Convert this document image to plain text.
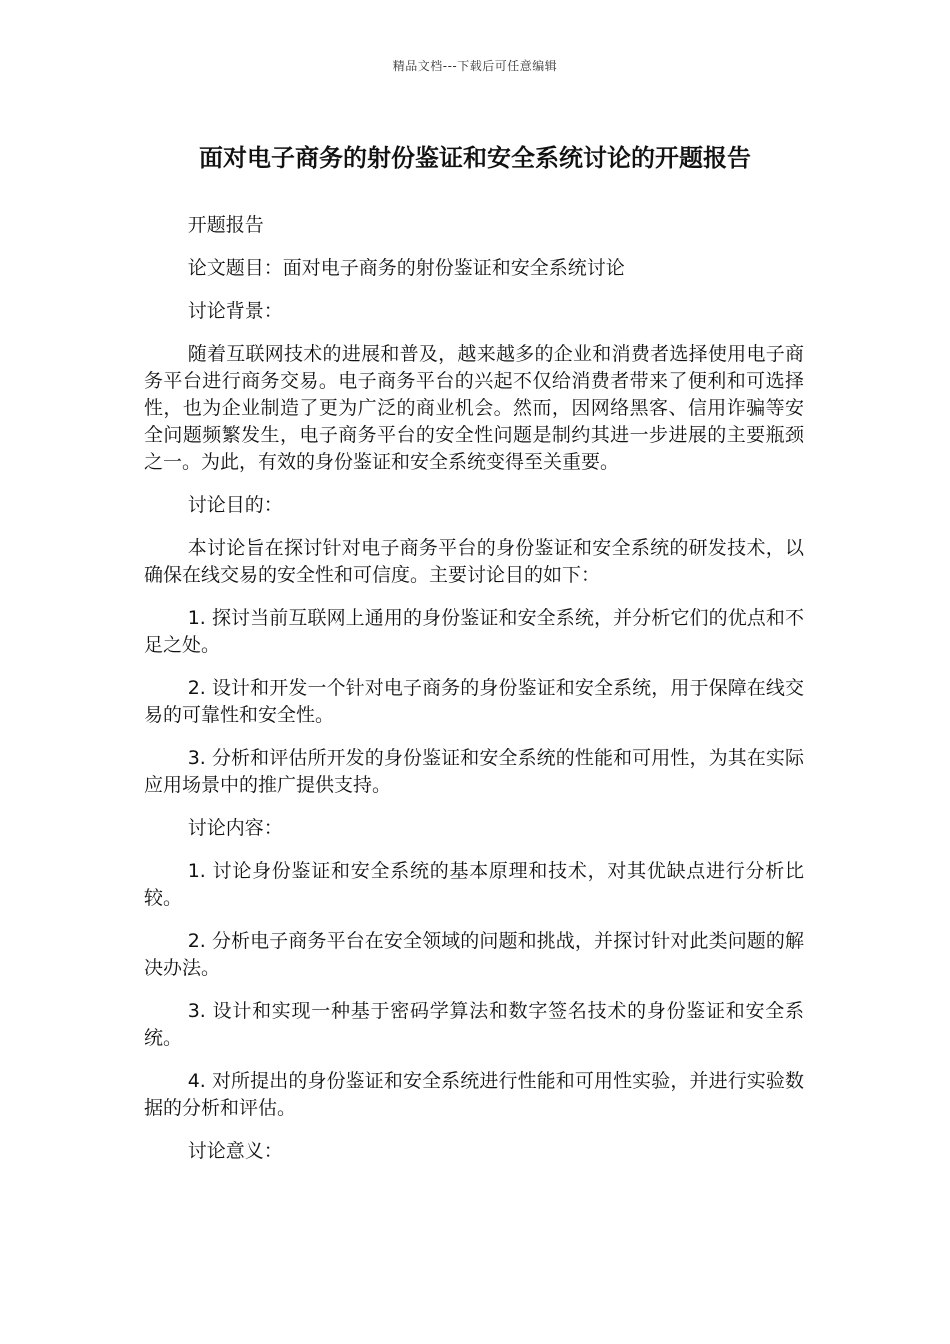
精品文档---下载后可任意编辑
面对电子商务的射份鉴证和安全系统讨论的开题报告

开题报告

论文题目：面对电子商务的射份鉴证和安全系统讨论

讨论背景：

随着互联网技术的进展和普及，越来越多的企业和消费者选择使用电子商务平台进行商务交易。电子商务平台的兴起不仅给消费者带来了便利和可选择性，也为企业制造了更为广泛的商业机会。然而，因网络黑客、信用诈骗等安全问题频繁发生，电子商务平台的安全性问题是制约其进一步进展的主要瓶颈之一。为此，有效的身份鉴证和安全系统变得至关重要。

讨论目的：

本讨论旨在探讨针对电子商务平台的身份鉴证和安全系统的研发技术，以确保在线交易的安全性和可信度。主要讨论目的如下：

1. 探讨当前互联网上通用的身份鉴证和安全系统，并分析它们的优点和不足之处。

2. 设计和开发一个针对电子商务的身份鉴证和安全系统，用于保障在线交易的可靠性和安全性。

3. 分析和评估所开发的身份鉴证和安全系统的性能和可用性，为其在实际应用场景中的推广提供支持。

讨论内容：

1. 讨论身份鉴证和安全系统的基本原理和技术，对其优缺点进行分析比较。

2. 分析电子商务平台在安全领域的问题和挑战，并探讨针对此类问题的解决办法。

3. 设计和实现一种基于密码学算法和数字签名技术的身份鉴证和安全系统。

4. 对所提出的身份鉴证和安全系统进行性能和可用性实验，并进行实验数据的分析和评估。

讨论意义：
